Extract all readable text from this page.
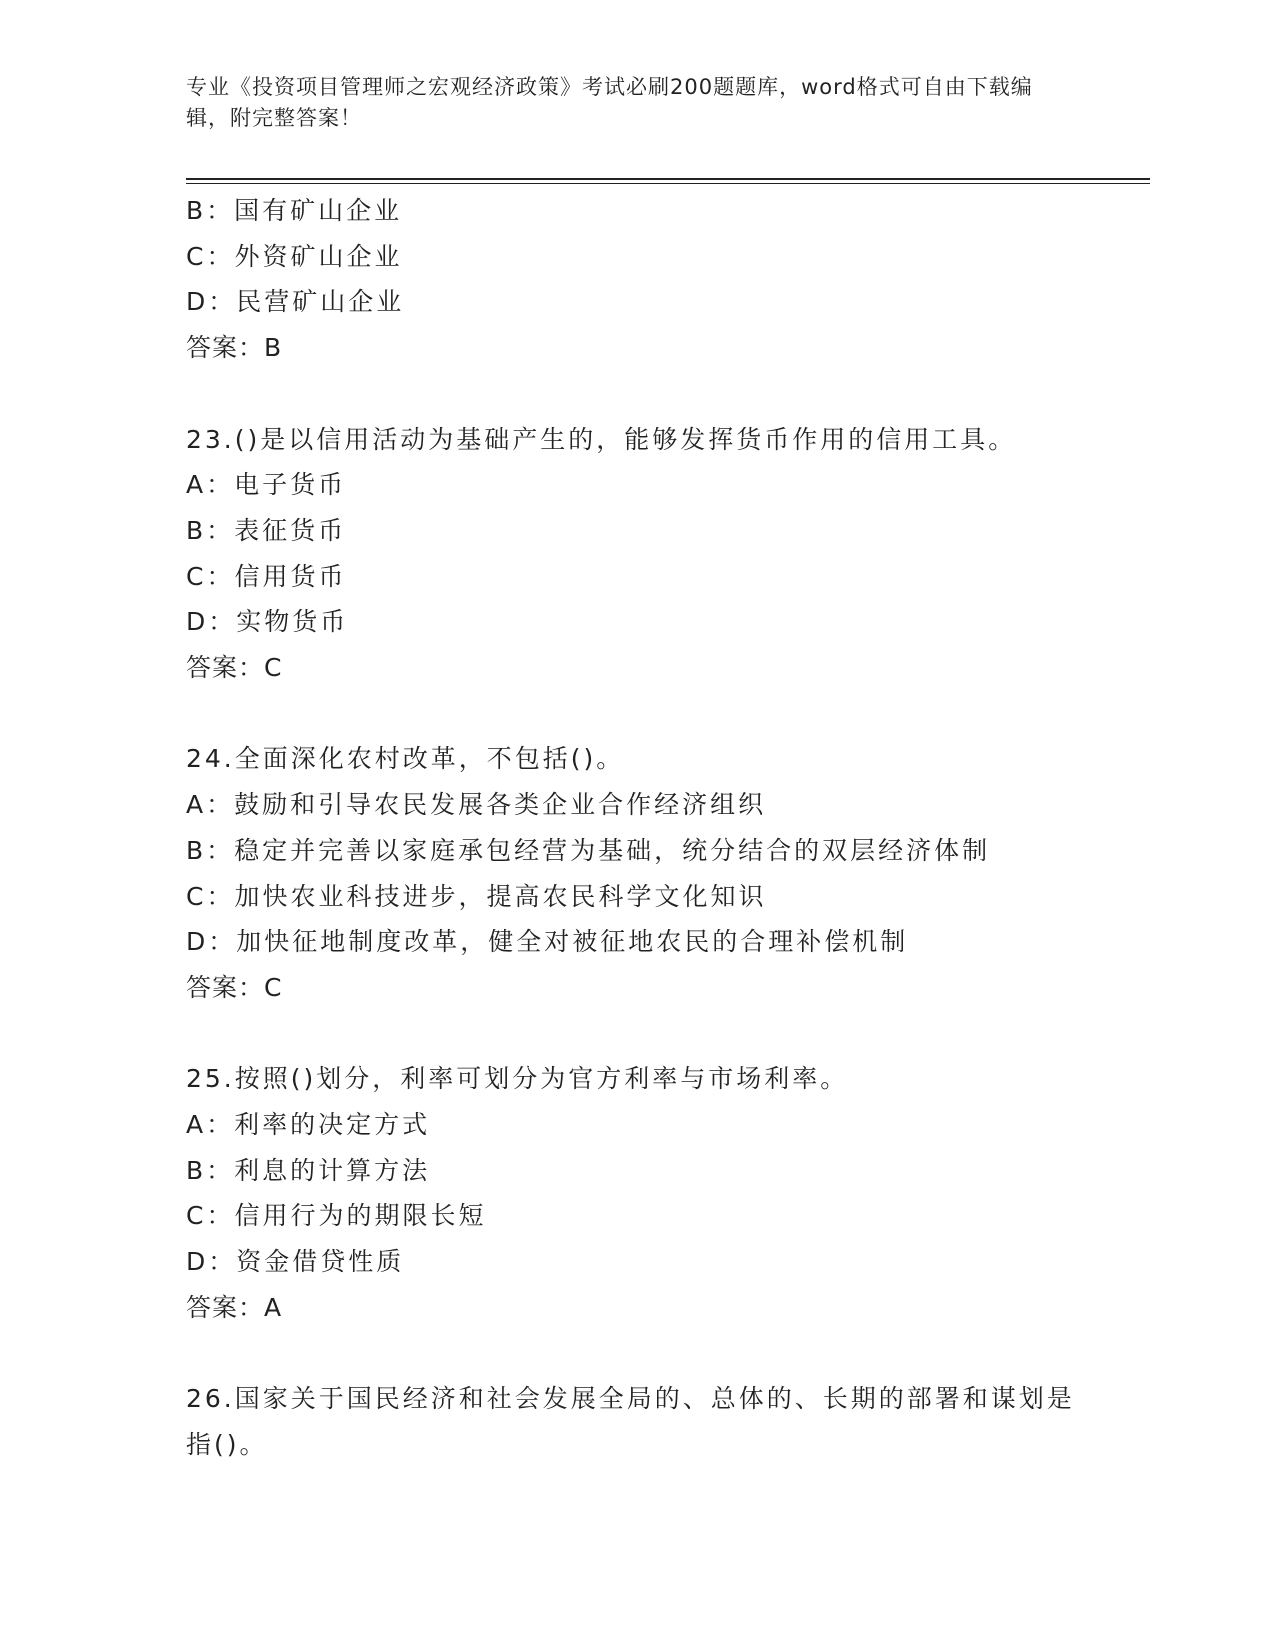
专业《投资项目管理师之宏观经济政策》考试必刷200题题库，word格式可自由下载编辑，附完整答案！
B：国有矿山企业
C：外资矿山企业
D：民营矿山企业
答案：B
23.()是以信用活动为基础产生的，能够发挥货币作用的信用工具。
A：电子货币
B：表征货币
C：信用货币
D：实物货币
答案：C
24.全面深化农村改革，不包括()。
A：鼓励和引导农民发展各类企业合作经济组织
B：稳定并完善以家庭承包经营为基础，统分结合的双层经济体制
C：加快农业科技进步，提高农民科学文化知识
D：加快征地制度改革，健全对被征地农民的合理补偿机制
答案：C
25.按照()划分，利率可划分为官方利率与市场利率。
A：利率的决定方式
B：利息的计算方法
C：信用行为的期限长短
D：资金借贷性质
答案：A
26.国家关于国民经济和社会发展全局的、总体的、长期的部署和谋划是指()。
